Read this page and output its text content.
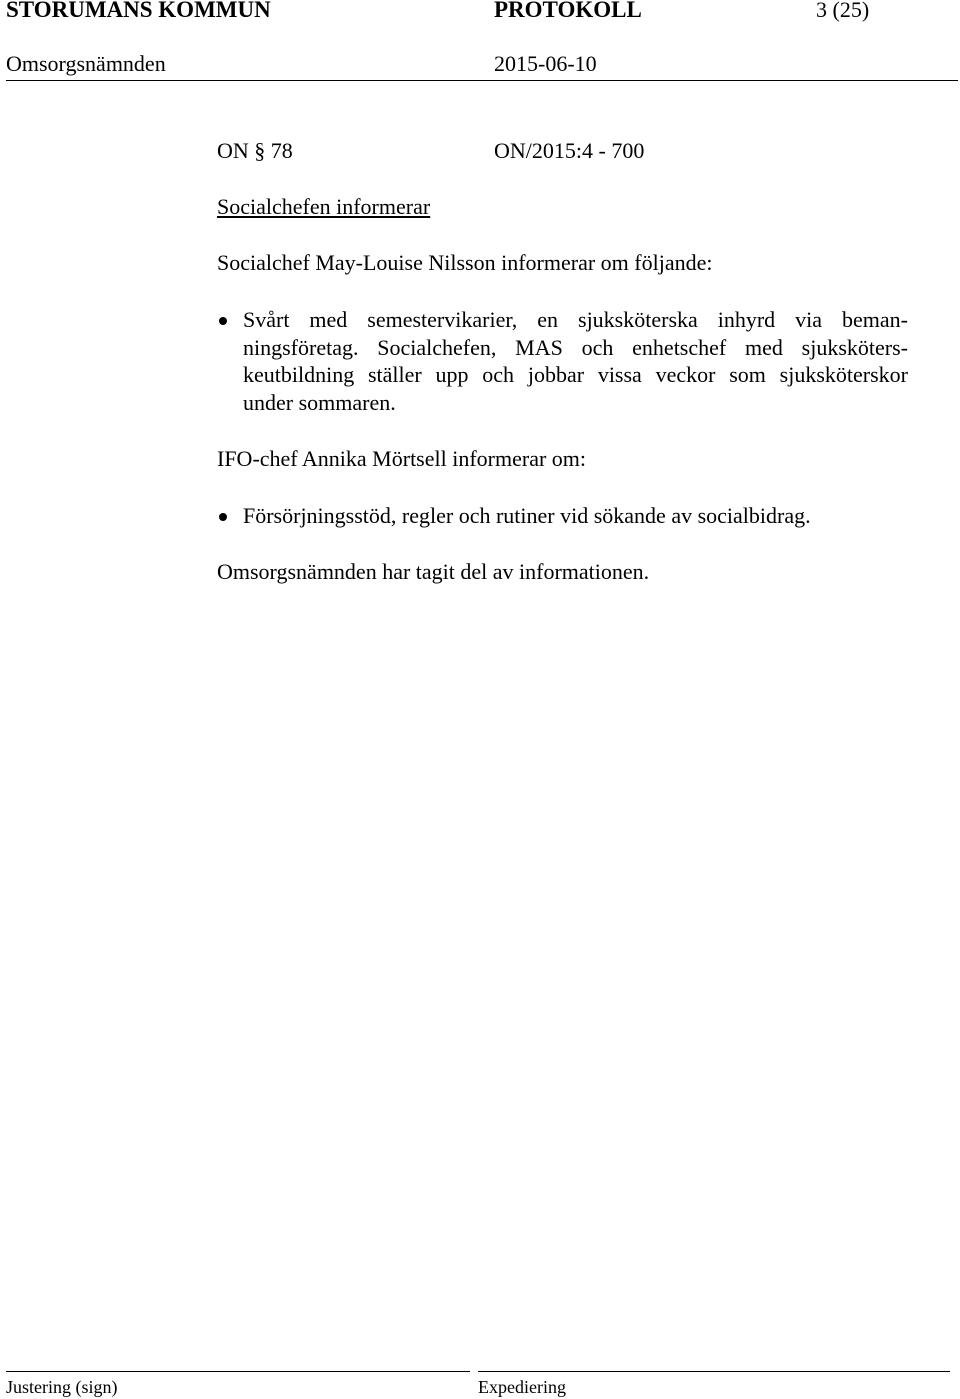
STORUMANS KOMMUN	PROTOKOLL	3 (25)
Omsorgsnämnden	2015-06-10
ON § 78	ON/2015:4 - 700
Socialchefen informerar
Socialchef May-Louise Nilsson informerar om följande:
Svårt med semestervikarier, en sjuksköterska inhyrd via beman-
ningsföretag. Socialchefen, MAS och enhetschef med sjuksköters-
keutbildning ställer upp och jobbar vissa veckor som sjuksköterskor
under sommaren.
IFO-chef Annika Mörtsell informerar om:
Försörjningsstöd, regler och rutiner vid sökande av socialbidrag.
Omsorgsnämnden har tagit del av informationen.
Justering (sign)	Expediering
